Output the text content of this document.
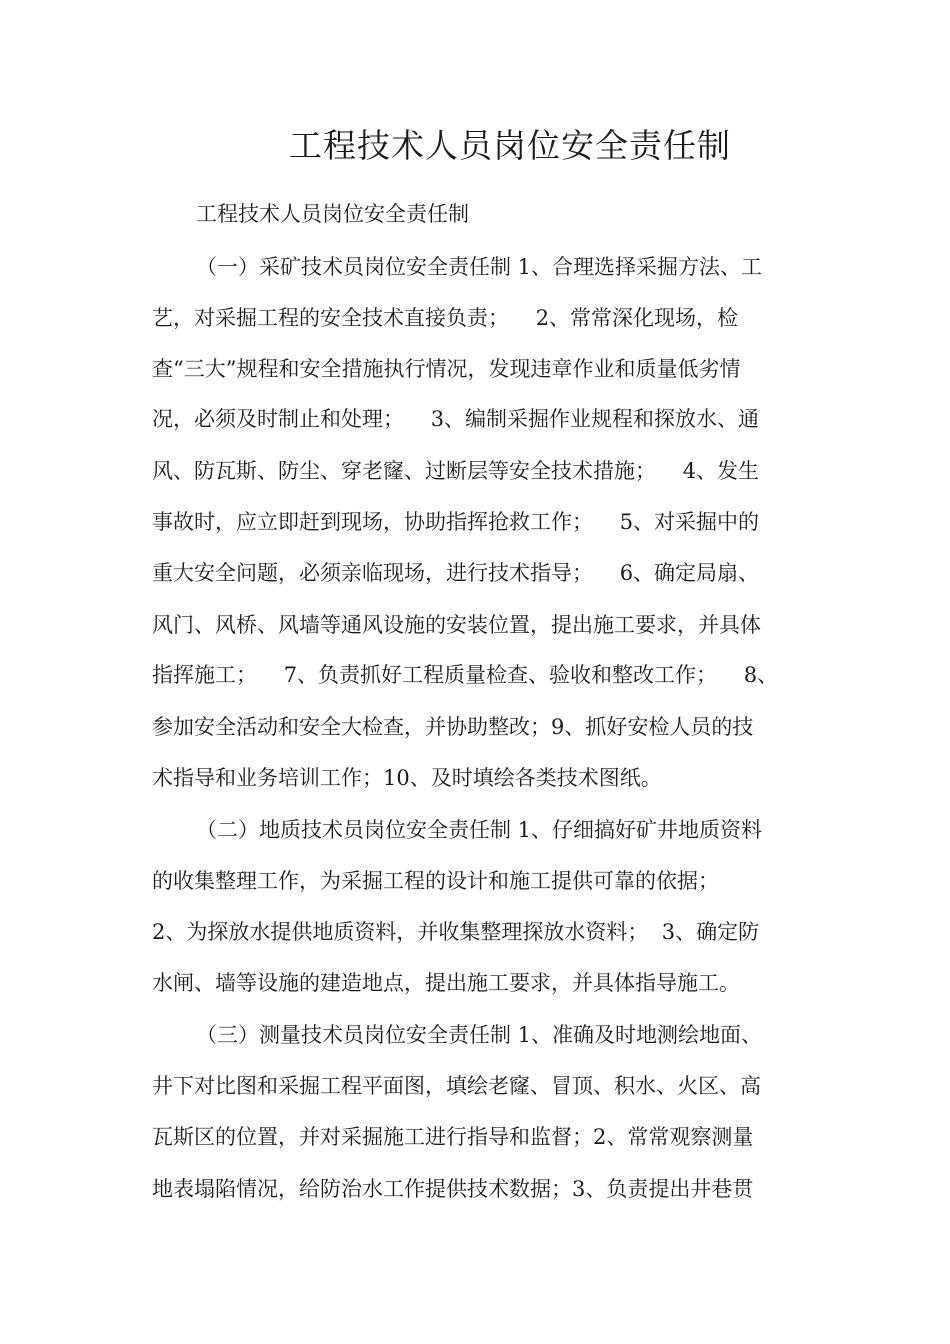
工程技术人员岗位安全责任制

工程技术人员岗位安全责任制

（一）采矿技术员岗位安全责任制 1、合理选择采掘方法、工

艺，对采掘工程的安全技术直接负责；    2、常常深化现场，检

查“三大”规程和安全措施执行情况，发现违章作业和质量低劣情

况，必须及时制止和处理；    3、编制采掘作业规程和探放水、通

风、防瓦斯、防尘、穿老窿、过断层等安全技术措施；    4、发生

事故时，应立即赶到现场，协助指挥抢救工作；    5、对采掘中的

重大安全问题，必须亲临现场，进行技术指导；    6、确定局扇、

风门、风桥、风墙等通风设施的安装位置，提出施工要求，并具体

指挥施工；    7、负责抓好工程质量检查、验收和整改工作；    8、

参加安全活动和安全大检查，并协助整改；9、抓好安检人员的技

术指导和业务培训工作；10、及时填绘各类技术图纸。

（二）地质技术员岗位安全责任制 1、仔细搞好矿井地质资料

的收集整理工作，为采掘工程的设计和施工提供可靠的依据；

2、为探放水提供地质资料，并收集整理探放水资料；  3、确定防

水闸、墙等设施的建造地点，提出施工要求，并具体指导施工。

（三）测量技术员岗位安全责任制 1、准确及时地测绘地面、

井下对比图和采掘工程平面图，填绘老窿、冒顶、积水、火区、高

瓦斯区的位置，并对采掘施工进行指导和监督；2、常常观察测量

地表塌陷情况，给防治水工作提供技术数据；3、负责提出井巷贯
